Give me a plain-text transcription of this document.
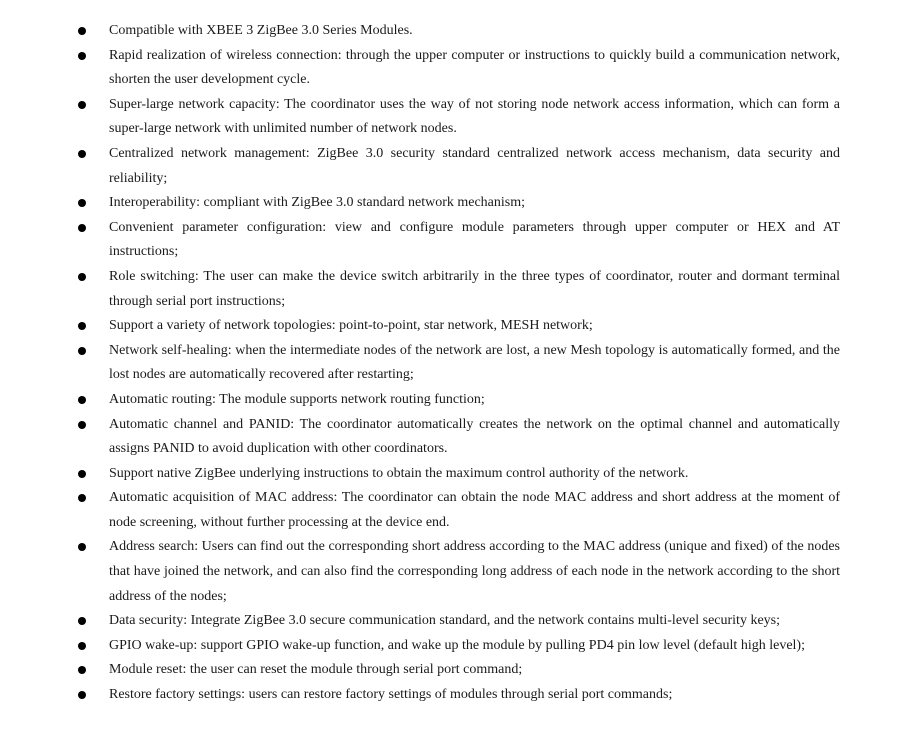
Compatible with XBEE 3 ZigBee 3.0 Series Modules.
Rapid realization of wireless connection: through the upper computer or instructions to quickly build a communication network, shorten the user development cycle.
Super-large network capacity: The coordinator uses the way of not storing node network access information, which can form a super-large network with unlimited number of network nodes.
Centralized network management: ZigBee 3.0 security standard centralized network access mechanism, data security and reliability;
Interoperability: compliant with ZigBee 3.0 standard network mechanism;
Convenient parameter configuration: view and configure module parameters through upper computer or HEX and AT instructions;
Role switching: The user can make the device switch arbitrarily in the three types of coordinator, router and dormant terminal through serial port instructions;
Support a variety of network topologies: point-to-point, star network, MESH network;
Network self-healing: when the intermediate nodes of the network are lost, a new Mesh topology is automatically formed, and the lost nodes are automatically recovered after restarting;
Automatic routing: The module supports network routing function;
Automatic channel and PANID: The coordinator automatically creates the network on the optimal channel and automatically assigns PANID to avoid duplication with other coordinators.
Support native ZigBee underlying instructions to obtain the maximum control authority of the network.
Automatic acquisition of MAC address: The coordinator can obtain the node MAC address and short address at the moment of node screening, without further processing at the device end.
Address search: Users can find out the corresponding short address according to the MAC address (unique and fixed) of the nodes that have joined the network, and can also find the corresponding long address of each node in the network according to the short address of the nodes;
Data security: Integrate ZigBee 3.0 secure communication standard, and the network contains multi-level security keys;
GPIO wake-up: support GPIO wake-up function, and wake up the module by pulling PD4 pin low level (default high level);
Module reset: the user can reset the module through serial port command;
Restore factory settings: users can restore factory settings of modules through serial port commands;
